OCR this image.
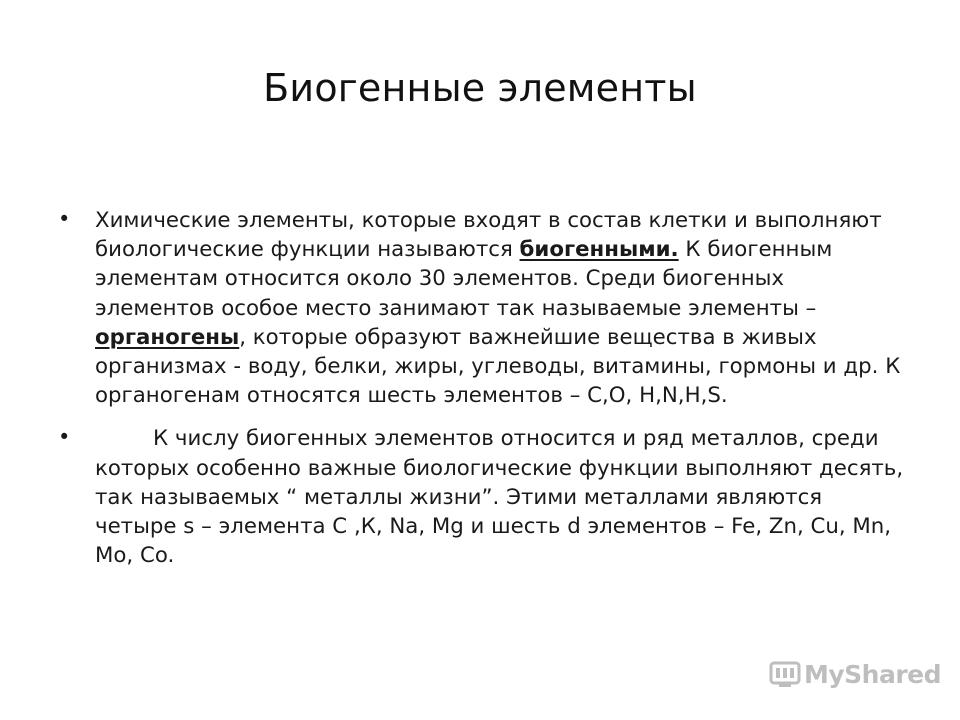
Биогенные элементы
•	Химические элементы, которые входят в состав клетки и выполняют биологические функции называются биогенными. К биогенным элементам относится около 30 элементов. Среди биогенных элементов особое место занимают так называемые элементы – органогены, которые образуют важнейшие вещества в живых организмах - воду, белки, жиры, углеводы, витамины, гормоны и др. К органогенам относятся шесть элементов – С,О, Н,N,Н,S.
•	К числу биогенных элементов относится и ряд металлов, среди которых особенно важные биологические функции выполняют десять, так называемых “ металлы жизни”. Этими металлами являются четыре s – элемента С ,К, Na, Mg и шесть d элементов – Fe, Zn, Cu, Mn, Mo, Co.
MyShared
